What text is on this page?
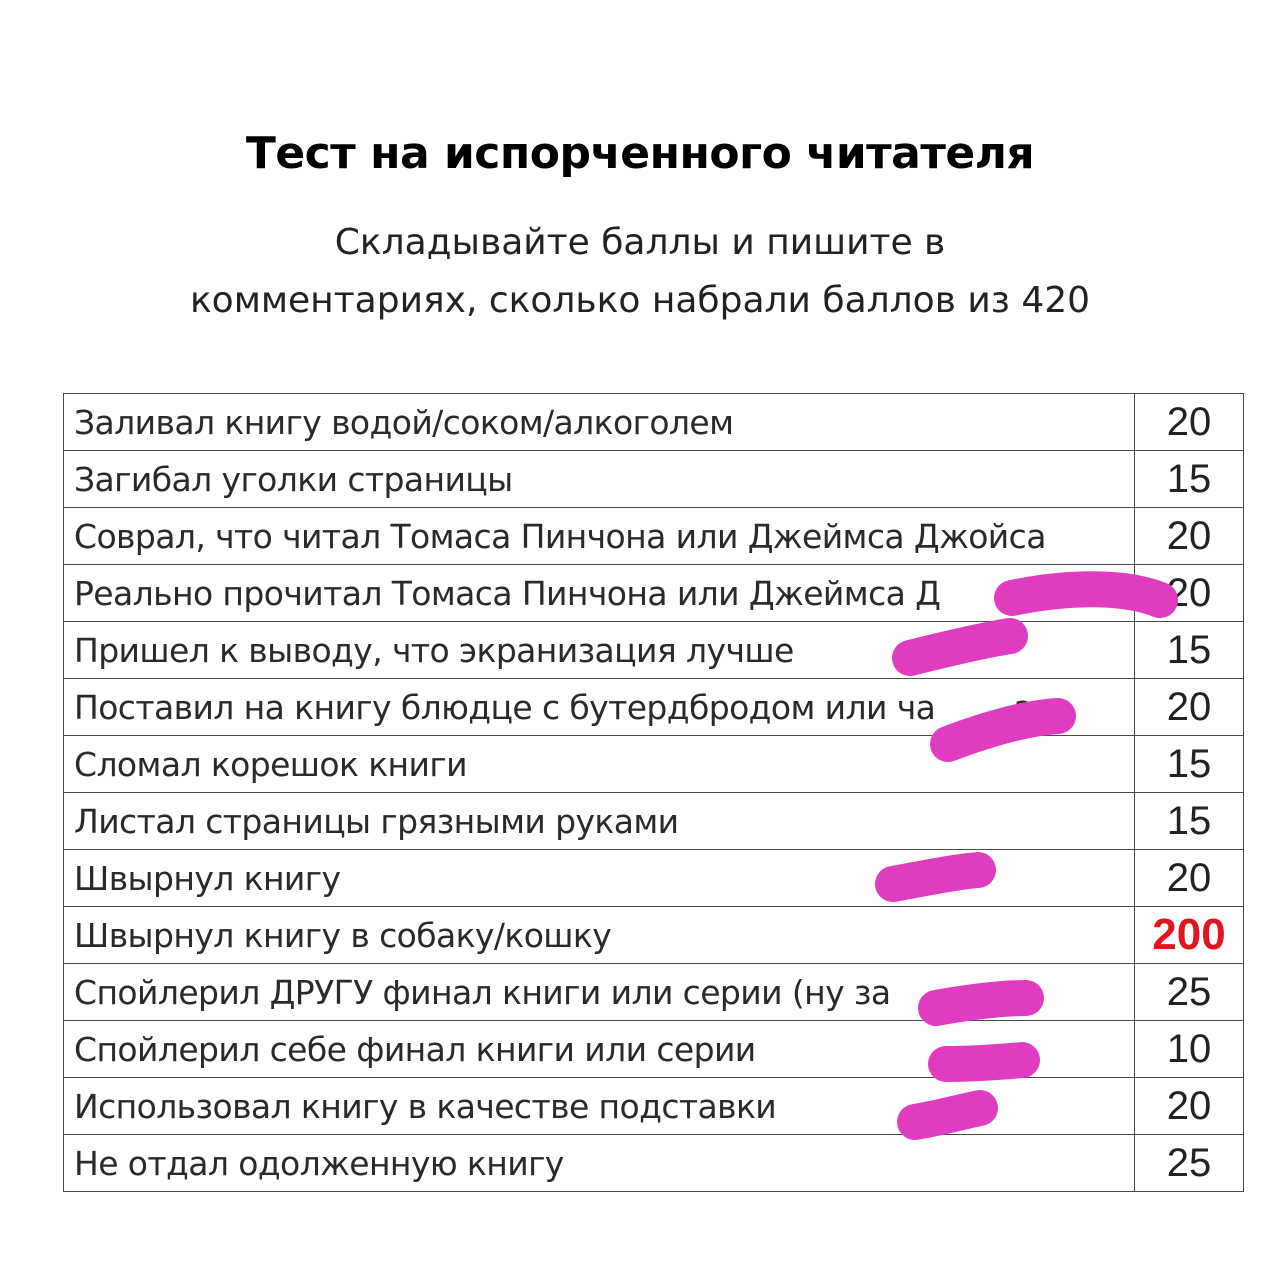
Тест на испорченного читателя
Складывайте баллы и пишите в
комментариях, сколько набрали баллов из 420
Заливал книгу водой/соком/алкоголем	20
Загибал уголки страницы	15
Соврал, что читал Томаса Пинчона или Джеймса Джойса	20
Реально прочитал Томаса Пинчона или Джеймса Д	20
Пришел к выводу, что экранизация лучше	15
Поставил на книгу блюдце с бутердбродом или ча ая	20
Сломал корешок книги	15
Листал страницы грязными руками	15
Швырнул книгу	20
Швырнул книгу в собаку/кошку	200
Спойлерил ДРУГУ финал книги или серии (ну за	25
Спойлерил себе финал книги или серии	10
Использовал книгу в качестве подставки	20
Не отдал одолженную книгу	25
